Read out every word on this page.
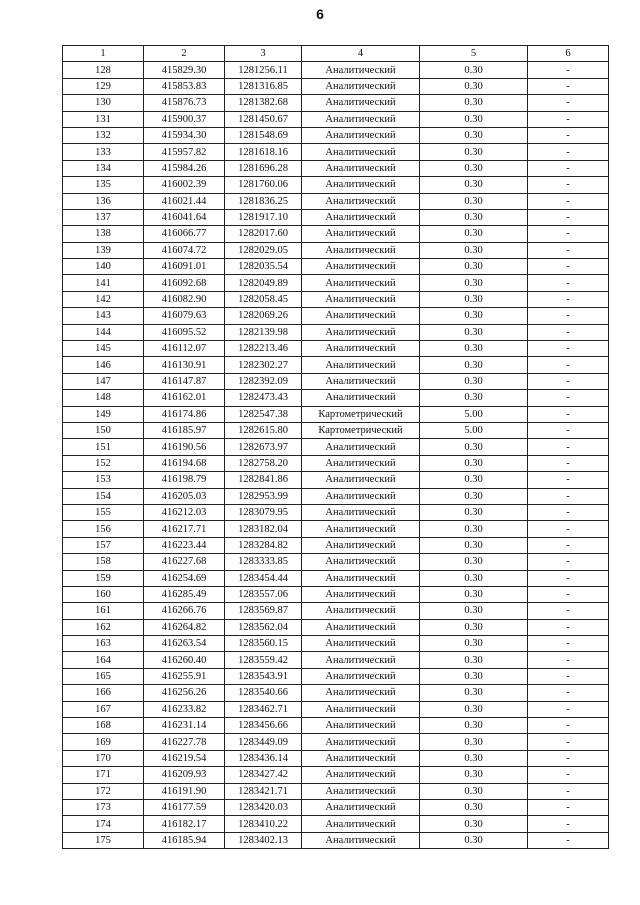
6
1	2	3	4	5	6
128	415829.30	1281256.11	Аналитический	0.30	-
129	415853.83	1281316.85	Аналитический	0.30	-
130	415876.73	1281382.68	Аналитический	0.30	-
131	415900.37	1281450.67	Аналитический	0.30	-
132	415934.30	1281548.69	Аналитический	0.30	-
133	415957.82	1281618.16	Аналитический	0.30	-
134	415984.26	1281696.28	Аналитический	0.30	-
135	416002.39	1281760.06	Аналитический	0.30	-
136	416021.44	1281836.25	Аналитический	0.30	-
137	416041.64	1281917.10	Аналитический	0.30	-
138	416066.77	1282017.60	Аналитический	0.30	-
139	416074.72	1282029.05	Аналитический	0.30	-
140	416091.01	1282035.54	Аналитический	0.30	-
141	416092.68	1282049.89	Аналитический	0.30	-
142	416082.90	1282058.45	Аналитический	0.30	-
143	416079.63	1282069.26	Аналитический	0.30	-
144	416095.52	1282139.98	Аналитический	0.30	-
145	416112.07	1282213.46	Аналитический	0.30	-
146	416130.91	1282302.27	Аналитический	0.30	-
147	416147.87	1282392.09	Аналитический	0.30	-
148	416162.01	1282473.43	Аналитический	0.30	-
149	416174.86	1282547.38	Картометрический	5.00	-
150	416185.97	1282615.80	Картометрический	5.00	-
151	416190.56	1282673.97	Аналитический	0.30	-
152	416194.68	1282758.20	Аналитический	0.30	-
153	416198.79	1282841.86	Аналитический	0.30	-
154	416205.03	1282953.99	Аналитический	0.30	-
155	416212.03	1283079.95	Аналитический	0.30	-
156	416217.71	1283182.04	Аналитический	0.30	-
157	416223.44	1283284.82	Аналитический	0.30	-
158	416227.68	1283333.85	Аналитический	0.30	-
159	416254.69	1283454.44	Аналитический	0.30	-
160	416285.49	1283557.06	Аналитический	0.30	-
161	416266.76	1283569.87	Аналитический	0.30	-
162	416264.82	1283562.04	Аналитический	0.30	-
163	416263.54	1283560.15	Аналитический	0.30	-
164	416260.40	1283559.42	Аналитический	0.30	-
165	416255.91	1283543.91	Аналитический	0.30	-
166	416256.26	1283540.66	Аналитический	0.30	-
167	416233.82	1283462.71	Аналитический	0.30	-
168	416231.14	1283456.66	Аналитический	0.30	-
169	416227.78	1283449.09	Аналитический	0.30	-
170	416219.54	1283436.14	Аналитический	0.30	-
171	416209.93	1283427.42	Аналитический	0.30	-
172	416191.90	1283421.71	Аналитический	0.30	-
173	416177.59	1283420.03	Аналитический	0.30	-
174	416182.17	1283410.22	Аналитический	0.30	-
175	416185.94	1283402.13	Аналитический	0.30	-
